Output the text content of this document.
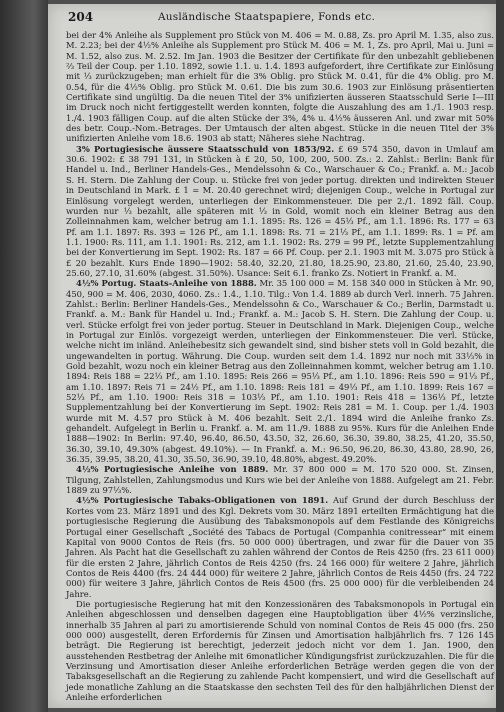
204	Ausländische Staatspapiere, Fonds etc.

bei der 4% Anleihe als Supplement pro Stück von M. 406 = M. 0.88, Zs. pro April M. 1.35, also zus. M. 2.23; bei der 4½% Anleihe als Supplement pro Stück M. 406 = M. 1, Zs. pro April, Mai u. Juni = M. 1.52, also zus. M. 2.52. Im Jan. 1903 die Besitzer der Certifikate für den unbezahlt gebliebenen ⅔ Teil der Coup. per 1.10. 1892, sowie 1.1. u. 1.4. 1893 aufgefordert, ihre Certifikate zur Einlösung mit ⅓ zurückzugeben; man erhielt für die 3% Oblig. pro Stück M. 0.41, für die 4% Oblig. pro M. 0.54, für die 4½% Oblig. pro Stück M. 0.61. Die bis zum 30.6. 1903 zur Einlösung präsentierten Certifikate sind ungültig. Da die neuen Titel der 3% unifizierten äusseren Staatsschuld Serie I—III im Druck noch nicht fertiggestellt werden konnten, folgte die Auszahlung des am 1./1. 1903 resp. 1./4. 1903 fälligen Coup. auf die alten Stücke der 3%, 4% u. 4½% äusseren Anl. und zwar mit 50% des betr. Coup.-Nom.-Betrages. Der Umtausch der alten abgest. Stücke in die neuen Titel der 3% unifizierten Anleihe vom 18.6. 1903 ab statt; Näheres siehe Nachtrag.

3% Portugiesische äussere Staatsschuld von 1853/92. £ 69 574 350, davon in Umlauf am 30.6. 1902: £ 38 791 131, in Stücken à £ 20, 50, 100, 200, 500. Zs.: 2. Zahlst.: Berlin: Bank für Handel u. Ind., Berliner Handels-Ges., Mendelssohn & Co., Warschauer & Co.; Frankf. a. M.: Jacob S. H. Stern. Die Zahlung der Coup. u. Stücke frei von jeder portug. direkten und indirekten Steuer in Deutschland in Mark. £ 1 = M. 20.40 gerechnet wird; diejenigen Coup., welche in Portugal zur Einlösung vorgelegt werden, unterliegen der Einkommensteuer. Die per 2./1. 1892 fäll. Coup. wurden nur ⅓ bezahlt, alle späteren mit ⅓ in Gold, womit noch ein kleiner Betrag aus den Zolleinnahmen kam, welcher betrug am 1.1. 1895: Rs. 126 = 45⅓ Pf., am 1.1. 1896: Rs. 177 = 63 Pf. am 1.1. 1897: Rs. 393 = 126 Pf., am 1.1. 1898: Rs. 71 = 21⅓ Pf., am 1.1. 1899: Rs. 1 = Pf. am 1.1. 1900: Rs. 111, am 1.1. 1901: Rs. 212, am 1.1. 1902: Rs. 279 = 99 Pf., letzte Supplementzahlung bei der Konvertierung im Sept. 1902: Rs. 187 = 66 Pf. Coup. per 2.1. 1903 mit M. 3.075 pro Stück à £ 20 bezahlt. Kurs Ende 1890—1902: 58.40, 32.20, 21.80, 18.25.90, 23.80, 21.60, 25.40, 23.90, 25.60, 27.10, 31.60% (abgest. 31.50%). Usance: Seit 6.1. franko Zs. Notiert in Frankf. a. M.

4½% Portug. Staats-Anleihe von 1888. Mr. 35 100 000 = M. 158 340 000 in Stücken à Mr. 90, 450, 900 = M. 406, 2030, 4060. Zs.: 1.4., 1.10. Tilg.: Von 1.4. 1889 ab durch Verl. innerh. 75 Jahren. Zahlst.: Berlin: Berliner Handels-Ges., Mendelssohn & Co., Warschauer & Co.; Berlin, Darmstadt u. Frankf. a. M.: Bank für Handel u. Ind.; Frankf. a. M.: Jacob S. H. Stern. Die Zahlung der Coup. u. verl. Stücke erfolgt frei von jeder portug. Steuer in Deutschland in Mark. Diejenigen Coup., welche in Portugal zur Einlös. vorgezeigt werden, unterliegen der Einkommensteuer. Die verl. Stücke, welche nicht im inländ. Anleihebesitz sich gewandelt sind, sind bisher stets voll in Gold bezahlt, die ungewandelten in portug. Währung. Die Coup. wurden seit dem 1.4. 1892 nur noch mit 33⅓% in Gold bezahlt, wozu noch ein kleiner Betrag aus den Zolleinnahmen kommt, welcher betrug am 1.10. 1894: Reis 188 = 22⅓ Pf., am 1.10. 1895: Reis 266 = 95⅓ Pf., am 1.10. 1896: Reis 590 = 91⅓ Pf., am 1.10. 1897: Reis 71 = 24½ Pf., am 1.10. 1898: Reis 181 = 49⅓ Pf., am 1.10. 1899: Reis 167 = 52⅓ Pf., am 1.10. 1900: Reis 318 = 103⅓ Pf., am 1.10. 1901: Reis 418 = 136⅓ Pf., letzte Supplementzahlung bei der Konvertierung im Sept. 1902: Reis 281 = M. 1. Coup. per 1./4. 1903 wurde mit M. 4.57 pro Stück à M. 406 bezahlt. Seit 2./1. 1894 wird die Anleihe franko Zs. gehandelt. Aufgelegt in Berlin u. Frankf. a. M. am 11./9. 1888 zu 95%. Kurs für die Anleihen Ende 1888—1902: In Berlin: 97.40, 96.40, 86.50, 43.50, 32, 26.60, 36.30, 39.80, 38.25, 41.20, 35.50, 36.30, 39.10, 49.30% (abgest. 49.10%). — In Frankf. a. M.: 96.50, 96.20, 86.30, 43.80, 28.90, 26, 36.35, 39.95, 38.20, 41.30, 35.50, 36.90, 39.10, 48.80%, abgest. 49.20%.

4½% Portugiesische Anleihe von 1889. Mr. 37 800 000 = M. 170 520 000. St. Zinsen, Tilgung, Zahlstellen, Zahlungsmodus und Kurs wie bei der Anleihe von 1888. Aufgelegt am 21. Febr. 1889 zu 97⅓%.

4½% Portugiesische Tabaks-Obligationen von 1891. Auf Grund der durch Beschluss der Kortes vom 23. März 1891 und des Kgl. Dekrets vom 30. März 1891 erteilten Ermächtigung hat die portugiesische Regierung die Ausübung des Tabaksmonopols auf dem Festlande des Königreichs Portugal einer Gesellschaft „Société des Tabacs de Portugal (Companhia conitressear“ mit einem Kapital von 9000 Contos de Reis (frs. 50 000 000) übertragen, und zwar für die Dauer von 35 Jahren. Als Pacht hat die Gesellschaft zu zahlen während der Contos de Reis 4250 (frs. 23 611 000) für die ersten 2 Jahre, jährlich Contos de Reis 4250 (frs. 24 166 000) für weitere 2 Jahre, jährlich Contos de Reis 4400 (frs. 24 444 000) für weitere 2 Jahre, jährlich Contos de Reis 4450 (frs. 24 722 000) für weitere 3 Jahre, jährlich Contos de Reis 4500 (frs. 25 000 000) für die verbleibenden 24 Jahre.

Die portugiesische Regierung hat mit den Konzessionären des Tabaksmonopols in Portugal ein Anleihen abgeschlossen und denselben dagegen eine Hauptobligation über 4½% verzinsliche, innerhalb 35 Jahren al pari zu amortisierende Schuld von nominal Contos de Reis 45 000 (frs. 250 000 000) ausgestellt, deren Erfordernis für Zinsen und Amortisation halbjährlich frs. 7 126 145 beträgt. Die Regierung ist berechtigt, jederzeit jedoch nicht vor dem 1. Jan. 1900, den ausstehenden Restbetrag der Anleihe mit 6monatlicher Kündigungsfrist zurückzuzahlen. Die für die Verzinsung und Amortisation dieser Anleihe erforderlichen Beträge werden gegen die von der Tabaksgesellschaft an die Regierung zu zahlende Pacht kompensiert, und wird die Gesellschaft auf jede monatliche Zahlung an die Staatskasse den sechsten Teil des für den halbjährlichen Dienst der Anleihe erforderlichen
